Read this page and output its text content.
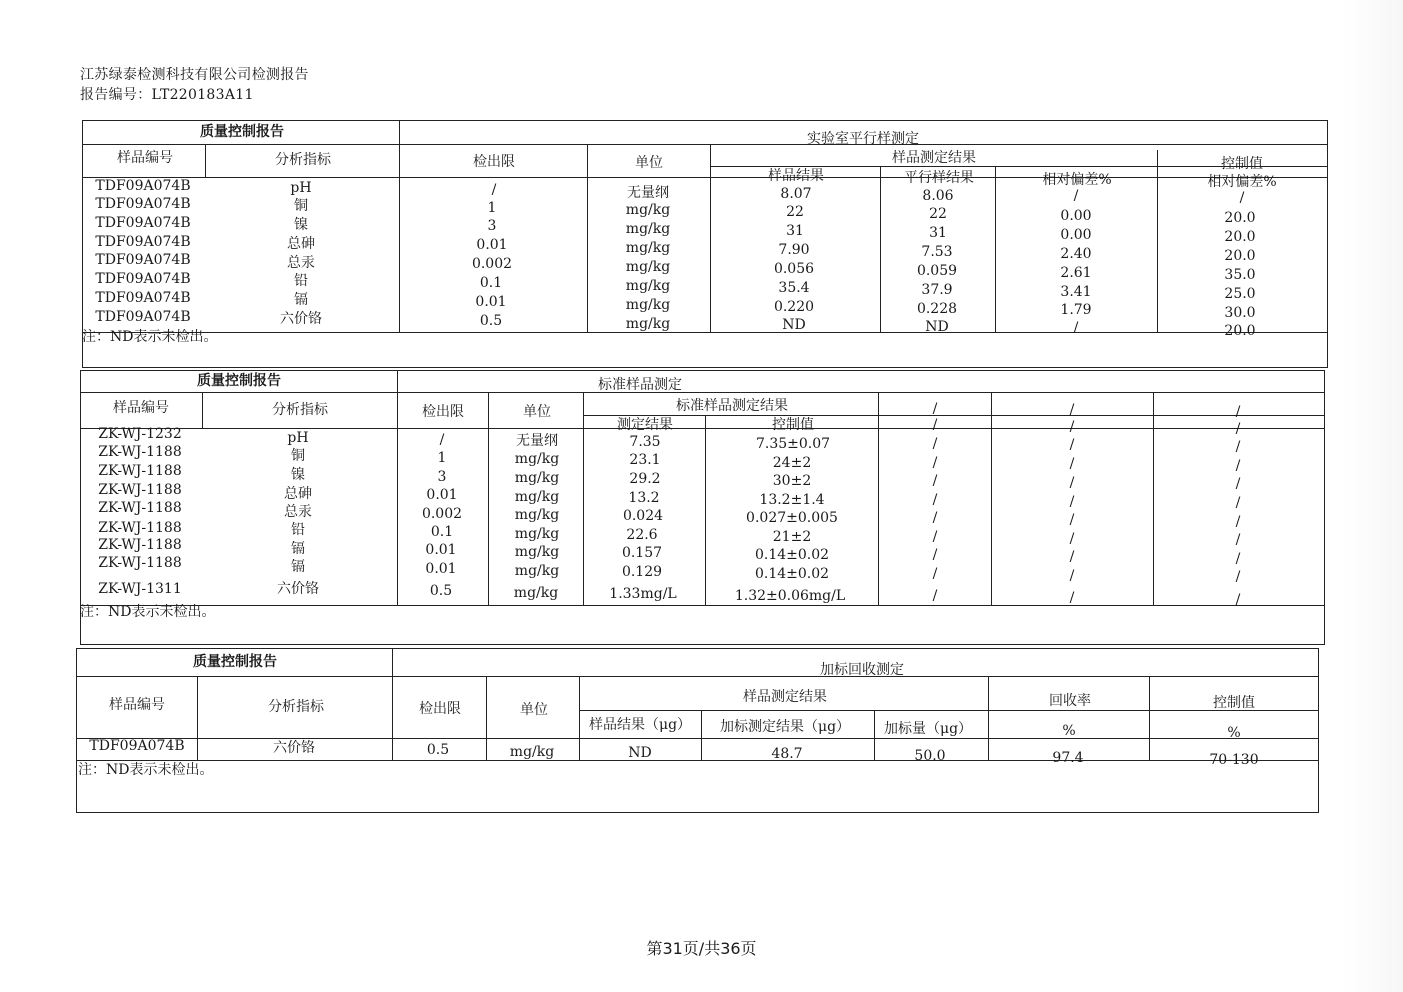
江苏绿泰检测科技有限公司检测报告
报告编号：LT220183A11
质量控制报告	实验室平行样测定
样品编号	分析指标	检出限	单位	样品测定结果
样品结果	平行样结果	相对偏差%
控制值
相对偏差%
TDF09A074B	pH	/	无量纲	8.07	8.06	/	/
TDF09A074B	铜	1	mg/kg	22	22	0.00	20.0
TDF09A074B	镍	3	mg/kg	31	31	0.00	20.0
TDF09A074B	总砷	0.01	mg/kg	7.90	7.53	2.40	20.0
TDF09A074B	总汞	0.002	mg/kg	0.056	0.059	2.61	35.0
TDF09A074B	铅	0.1	mg/kg	35.4	37.9	3.41	25.0
TDF09A074B	镉	0.01	mg/kg	0.220	0.228	1.79	30.0
TDF09A074B	六价铬	0.5	mg/kg	ND	ND	/	20.0
注：ND表示未检出。
质量控制报告	标准样品测定
样品编号	分析指标	检出限	单位	标准样品测定结果
测定结果	控制值
/	/	/
/	/	/
ZK-WJ-1232	pH	/	无量纲	7.35	7.35±0.07	/	/	/
ZK-WJ-1188	铜	1	mg/kg	23.1	24±2	/	/	/
ZK-WJ-1188	镍	3	mg/kg	29.2	30±2	/	/	/
ZK-WJ-1188	总砷	0.01	mg/kg	13.2	13.2±1.4	/	/	/
ZK-WJ-1188	总汞	0.002	mg/kg	0.024	0.027±0.005	/	/	/
ZK-WJ-1188	铅	0.1	mg/kg	22.6	21±2	/	/	/
ZK-WJ-1188	镉	0.01	mg/kg	0.157	0.14±0.02	/	/	/
ZK-WJ-1188	镉	0.01	mg/kg	0.129	0.14±0.02	/	/	/
ZK-WJ-1311	六价铬	0.5	mg/kg	1.33mg/L	1.32±0.06mg/L	/	/	/
注：ND表示未检出。
质量控制报告	加标回收测定
样品编号	分析指标	检出限	单位
样品测定结果	回收率	控制值
样品结果（μg） 加标测定结果（μg） 加标量（μg）	%	%
TDF09A074B	六价铬	0.5	mg/kg	ND	48.7	50.0	97.4	70-130
注：ND表示未检出。
第31页/共36页
